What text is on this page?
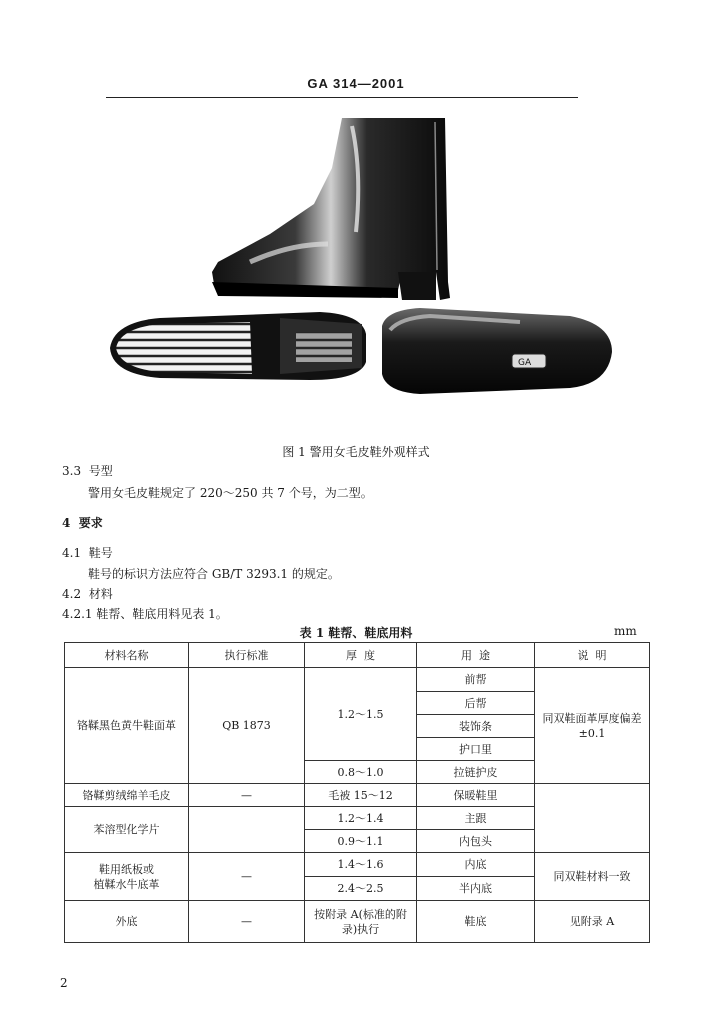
GA 314—2001
GA
图 1 警用女毛皮鞋外观样式
3.3 号型
警用女毛皮鞋规定了 220～250 共 7 个号，为二型。
4 要求
4.1 鞋号
鞋号的标识方法应符合 GB/T 3293.1 的规定。
4.2 材料
4.2.1 鞋帮、鞋底用料见表 1。
表 1 鞋帮、鞋底用料	mm
材料名称	执行标准	厚  度	用  途	说  明
铬鞣黑色黄牛鞋面革	QB 1873	1.2～1.5	前帮	同双鞋面革厚度偏差±0.1
			后帮	
			装饰条	
			护口里	
		0.8～1.0	拉链护皮	
铬鞣剪绒绵羊毛皮	—	毛被 15～12	保暖鞋里	
苯溶型化学片		1.2～1.4	主跟	
		0.9～1.1	内包头	

鞋用纸板或
植鞣水牛底革	—	1.4～1.6	内底	同双鞋材料一致
		2.4～2.5	半内底	
外底	—	按附录 A(标准的附录)执行	鞋底	见附录 A
2
